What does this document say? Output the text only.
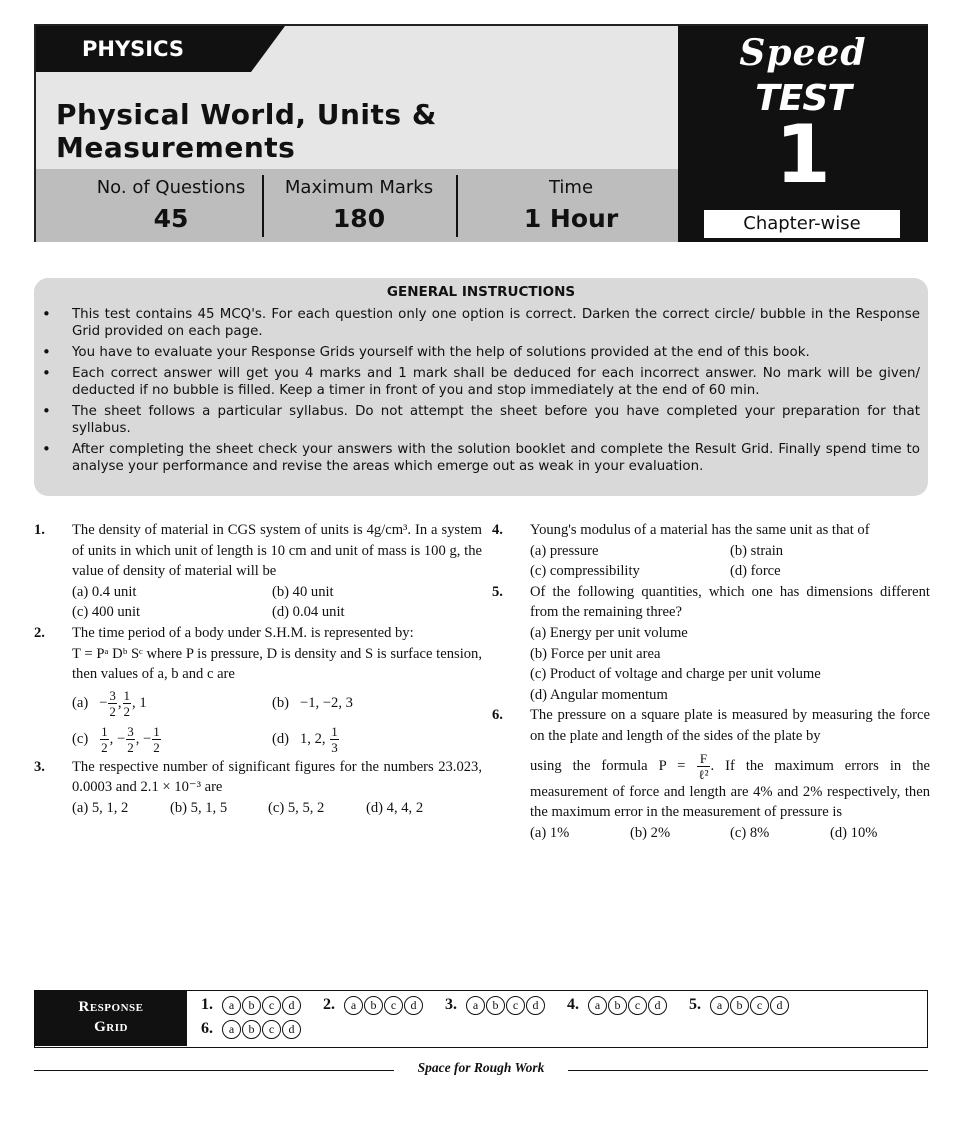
PHYSICS
Physical World, Units & Measurements
No. of Questions
45
Maximum Marks
180
Time
1 Hour
Speed
TEST
1
Chapter-wise
GENERAL INSTRUCTIONS
• This test contains 45 MCQ's. For each question only one option is correct. Darken the correct circle/ bubble in the Response Grid provided on each page.
• You have to evaluate your Response Grids yourself with the help of solutions provided at the end of this book.
• Each correct answer will get you 4 marks and 1 mark shall be deduced for each incorrect answer. No mark will be given/ deducted if no bubble is filled. Keep a timer in front of you and stop immediately at the end of 60 min.
• The sheet follows a particular syllabus. Do not attempt the sheet before you have completed your preparation for that syllabus.
• After completing the sheet check your answers with the solution booklet and complete the Result Grid. Finally spend time to analyse your performance and revise the areas which emerge out as weak in your evaluation.
1. The density of material in CGS system of units is 4g/cm³. In a system of units in which unit of length is 10 cm and unit of mass is 100 g, the value of density of material will be
(a) 0.4 unit	(b) 40 unit
(c) 400 unit	(d) 0.04 unit
2. The time period of a body under S.H.M. is represented by:
T = Pᵃ Dᵇ Sᶜ where P is pressure, D is density and S is surface tension, then values of a, b and c are
$(a) - \frac{3}{2}$ , $\frac{1}{2}$ , 1	(b) −1, −2, 3
$(c) \frac{1}{2}$ , − $\frac{3}{2}$ , − $\frac{1}{2}$	(d) 1, 2, $\frac{1}{3}$
3. The respective number of significant figures for the numbers 23.023, 0.0003 and 2.1 × 10⁻³ are
(a) 5, 1, 2	(b) 5, 1, 5	(c) 5, 5, 2	(d) 4, 4, 2
4. Young's modulus of a material has the same unit as that of
(a) pressure	(b) strain
(c) compressibility	(d) force
5. Of the following quantities, which one has dimensions different from the remaining three?
(a) Energy per unit volume
(b) Force per unit area
(c) Product of voltage and charge per unit volume
(d) Angular momentum
6. The pressure on a square plate is measured by measuring the force on the plate and length of the sides of the plate by
using the formula $P = \frac{F}{\text{ℓ²}}$ . If the maximum errors in the measurement of force and length are 4% and 2% respectively, then the maximum error in the measurement of pressure is
(a) 1%	(b) 2%	(c) 8%	(d) 10%
Response
Grid
1. a b c d 2. a b c d 3. a b c d 4. a b c d 5. a b c d
6. a b c d
Space for Rough Work
